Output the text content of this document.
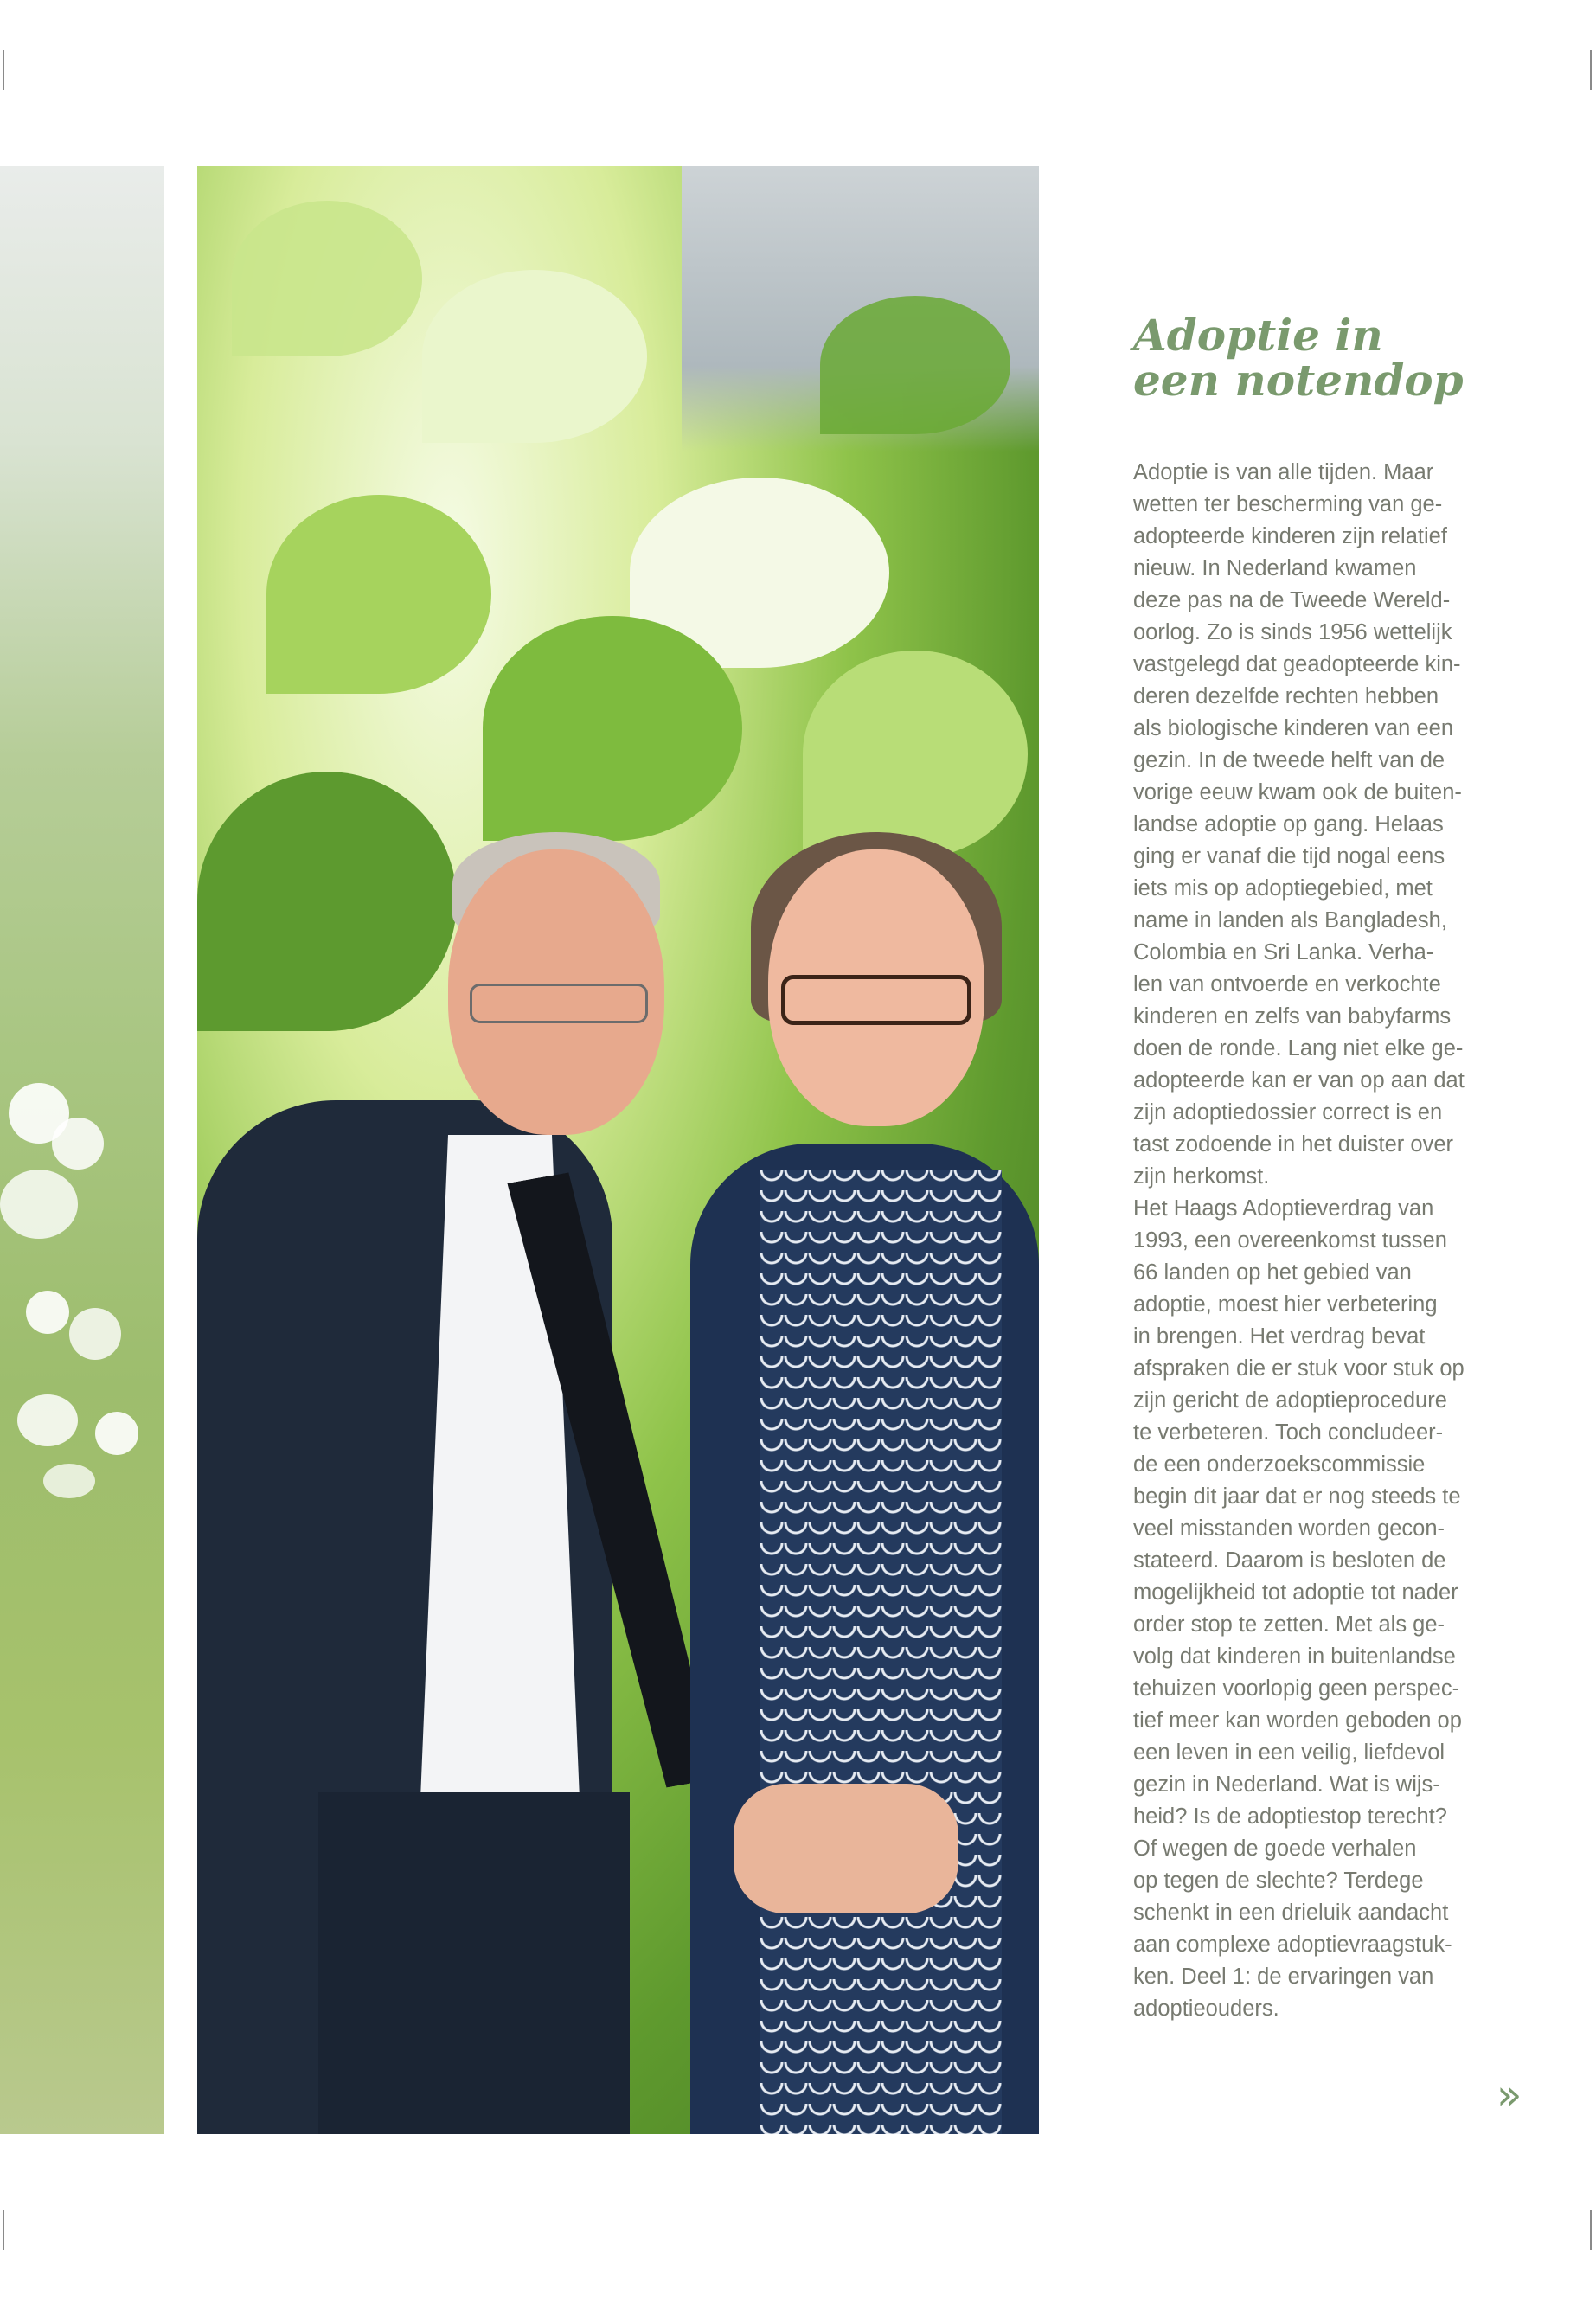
Adoptie in
een notendop
Adoptie is van alle tijden. Maar
wetten ter bescherming van ge-
adopteerde kinderen zijn relatief
nieuw. In Nederland kwamen
deze pas na de Tweede Wereld-
oorlog. Zo is sinds 1956 wettelijk
vastgelegd dat geadopteerde kin-
deren dezelfde rechten hebben
als biologische kinderen van een
gezin. In de tweede helft van de
vorige eeuw kwam ook de buiten-
landse adoptie op gang. Helaas
ging er vanaf die tijd nogal eens
iets mis op adoptiegebied, met
name in landen als Bangladesh,
Colombia en Sri Lanka. Verha-
len van ontvoerde en verkochte
kinderen en zelfs van babyfarms
doen de ronde. Lang niet elke ge-
adopteerde kan er van op aan dat
zijn adoptiedossier correct is en
tast zodoende in het duister over
zijn herkomst.
Het Haags Adoptieverdrag van
1993, een overeenkomst tussen
66 landen op het gebied van
adoptie, moest hier verbetering
in brengen. Het verdrag bevat
afspraken die er stuk voor stuk op
zijn gericht de adoptieprocedure
te verbeteren. Toch concludeer-
de een onderzoekscommissie
begin dit jaar dat er nog steeds te
veel misstanden worden gecon-
stateerd. Daarom is besloten de
mogelijkheid tot adoptie tot nader
order stop te zetten. Met als ge-
volg dat kinderen in buitenlandse
tehuizen voorlopig geen perspec-
tief meer kan worden geboden op
een leven in een veilig, liefdevol
gezin in Nederland. Wat is wijs-
heid? Is de adoptiestop terecht?
Of wegen de goede verhalen
op tegen de slechte? Terdege
schenkt in een drieluik aandacht
aan complexe adoptievraagstuk-
ken. Deel 1: de ervaringen van
adoptieouders.
»
